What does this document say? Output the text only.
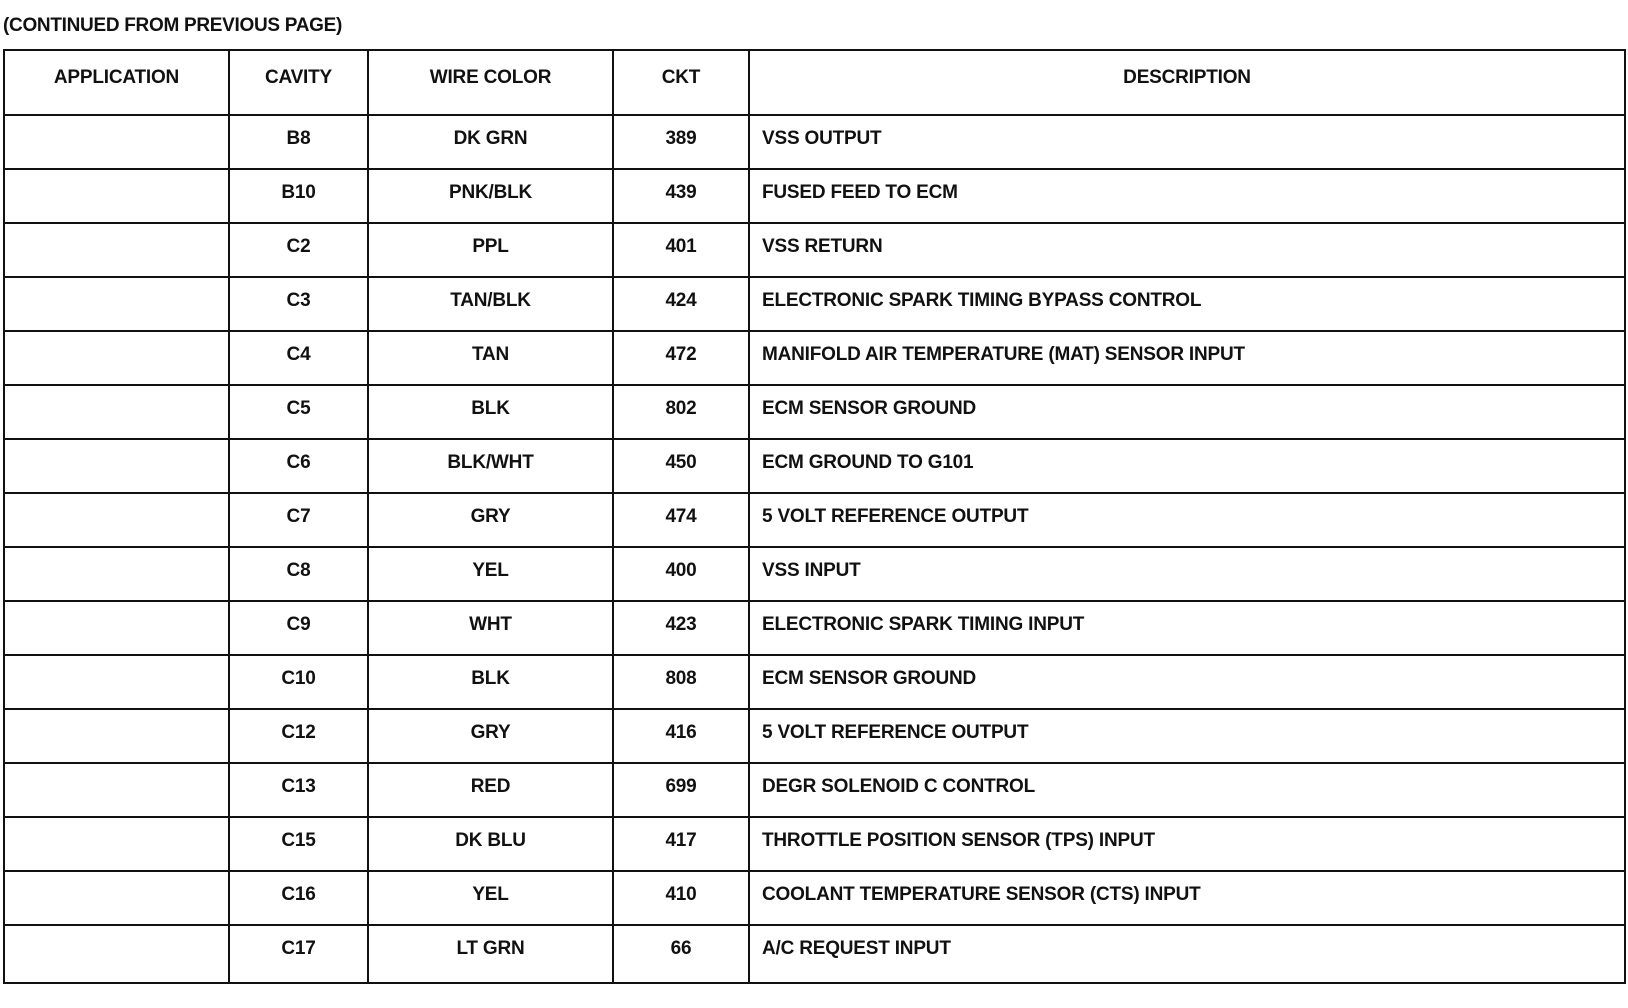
(CONTINUED FROM PREVIOUS PAGE)
APPLICATION	CAVITY	WIRE COLOR	CKT	DESCRIPTION
	B8	DK GRN	389	VSS OUTPUT
	B10	PNK/BLK	439	FUSED FEED TO ECM
	C2	PPL	401	VSS RETURN
	C3	TAN/BLK	424	ELECTRONIC SPARK TIMING BYPASS CONTROL
	C4	TAN	472	MANIFOLD AIR TEMPERATURE (MAT) SENSOR INPUT
	C5	BLK	802	ECM SENSOR GROUND
	C6	BLK/WHT	450	ECM GROUND TO G101
	C7	GRY	474	5 VOLT REFERENCE OUTPUT
	C8	YEL	400	VSS INPUT
	C9	WHT	423	ELECTRONIC SPARK TIMING INPUT
	C10	BLK	808	ECM SENSOR GROUND
	C12	GRY	416	5 VOLT REFERENCE OUTPUT
	C13	RED	699	DEGR SOLENOID C CONTROL
	C15	DK BLU	417	THROTTLE POSITION SENSOR (TPS) INPUT
	C16	YEL	410	COOLANT TEMPERATURE SENSOR (CTS) INPUT
	C17	LT GRN	66	A/C REQUEST INPUT
